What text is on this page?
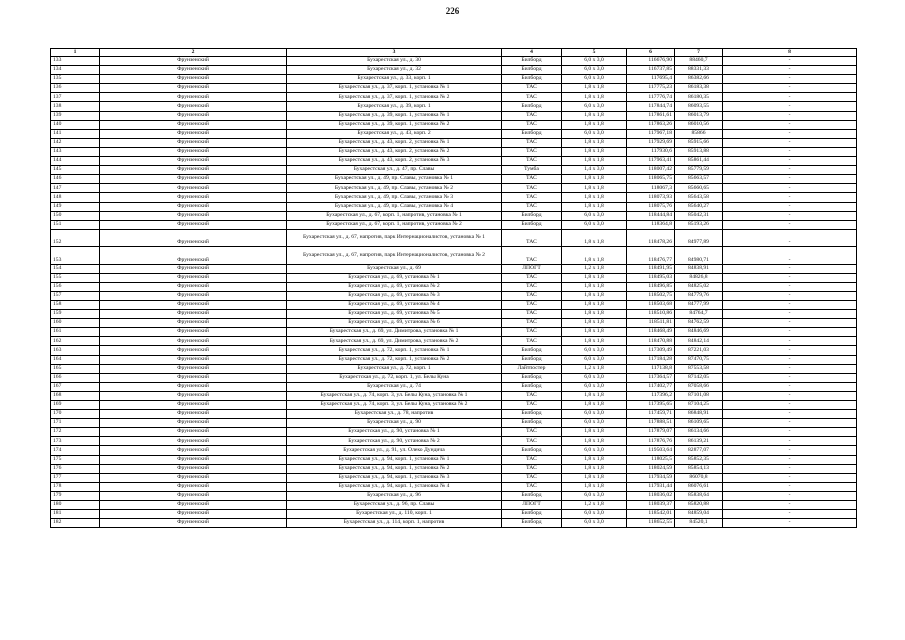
226
1	2	3	4	5	6	7	8
133	Фрунзенский	Бухарестская ул., д. 30	Билборд	6,0 x 3,0	116676,90	88460,7	-
134	Фрунзенский	Бухарестская ул., д. 32	Билборд	6,0 x 3,0	116737,85	88331,33	-
135	Фрунзенский	Бухарестская ул., д. 33, корп. 1	Билборд	6,0 x 3,0	117695,4	86382,66	-
136	Фрунзенский	Бухарестская ул., д. 37, корп. 1, установка № 1	ТАС	1,8 x 1,8	117775,23	86183,38	-
137	Фрунзенский	Бухарестская ул., д. 37, корп. 1, установка № 2	ТАС	1,8 x 1,8	117776,74	86180,35	-
138	Фрунзенский	Бухарестская ул., д. 39, корп. 1	Билборд	6,0 x 3,0	117844,74	86093,55	-
139	Фрунзенский	Бухарестская ул., д. 39, корп. 1, установка № 1	ТАС	1,8 x 1,8	117861,61	86013,79	-
140	Фрунзенский	Бухарестская ул., д. 39, корп. 1, установка № 2	ТАС	1,8 x 1,8	117863,26	86010,56	-
141	Фрунзенский	Бухарестская ул., д. 43, корп. 2	Билборд	6,0 x 3,0	117967,18	85866	-
142	Фрунзенский	Бухарестская ул., д. 43, корп. 2, установка № 1	ТАС	1,8 x 1,8	117929,69	85915,66	-
143	Фрунзенский	Бухарестская ул., д. 43, корп. 2, установка № 2	ТАС	1,8 x 1,8	117930,6	85913,88	-
144	Фрунзенский	Бухарестская ул., д. 43, корп. 2, установка № 3	ТАС	1,8 x 1,8	117963,41	85861,44	-
145	Фрунзенский	Бухарестская ул., д. 47, пр. Славы	Тумба	1,4 x 3,0	118007,42	85779,59	-
146	Фрунзенский	Бухарестская ул., д. 49, пр. Славы, установка № 1	ТАС	1,8 x 1,8	118065,75	85663,57	-
147	Фрунзенский	Бухарестская ул., д. 49, пр. Славы, установка № 2	ТАС	1,8 x 1,8	118067,3	85660,65	-
148	Фрунзенский	Бухарестская ул., д. 49, пр. Славы, установка № 3	ТАС	1,8 x 1,8	118073,93	85643,58	-
149	Фрунзенский	Бухарестская ул., д. 49, пр. Славы, установка № 4	ТАС	1,8 x 1,8	118075,76	85640,27	-
150	Фрунзенский	Бухарестская ул., д. 67, корп. 1, напротив, установка № 1	Билборд	6,0 x 3,0	118444,84	85042,31	-
151	Фрунзенский	Бухарестская ул., д. 67, корп. 1, напротив, установка № 2	Билборд	6,0 x 3,0	118364,8	85193,26	-
152	Фрунзенский	Бухарестская ул., д. 67, напротив, парк Интернационалистов, установка № 1	ТАС	1,8 x 1,8	118478,26	84977,89	-
153	Фрунзенский	Бухарестская ул., д. 67, напротив, парк Интернационалистов, установка № 2	ТАС	1,8 x 1,8	118476,77	84980,71	-
154	Фрунзенский	Бухарестская ул., д. 69	ЛПОГТ	1,2 x 1,8	118491,95	84838,91	-
155	Фрунзенский	Бухарестская ул., д. 69, установка № 1	ТАС	1,8 x 1,8	118495,03	84826,8	-
156	Фрунзенский	Бухарестская ул., д. 69, установка № 2	ТАС	1,8 x 1,8	118496,85	84825,02	-
157	Фрунзенский	Бухарестская ул., д. 69, установка № 3	ТАС	1,8 x 1,8	118502,75	84779,76	-
158	Фрунзенский	Бухарестская ул., д. 69, установка № 4	ТАС	1,8 x 1,8	118503,68	84777,99	-
159	Фрунзенский	Бухарестская ул., д. 69, установка № 5	ТАС	1,8 x 1,8	118510,86	84764,7	-
160	Фрунзенский	Бухарестская ул., д. 69, установка № 6	ТАС	1,8 x 1,8	118511,81	84762,59	-
161	Фрунзенский	Бухарестская ул., д. 69, ул. Димитрова, установка № 1	ТАС	1,8 x 1,8	118468,49	84846,69	-
162	Фрунзенский	Бухарестская ул., д. 69, ул. Димитрова, установка № 2	ТАС	1,8 x 1,8	118470,88	84842,14	-
163	Фрунзенский	Бухарестская ул., д. 72, корп. 1, установка № 1	Билборд	6,0 x 3,0	117309,49	87221,03	-
164	Фрунзенский	Бухарестская ул., д. 72, корп. 1, установка № 2	Билборд	6,0 x 3,0	117184,28	87470,75	-
165	Фрунзенский	Бухарестская ул., д. 72, корп. 1	Лайтпостер	1,2 x 1,8	117138,8	87553,58	-
166	Фрунзенский	Бухарестская ул., д. 72, корп. 1, ул. Белы Куна	Билборд	6,0 x 3,0	117364,57	87142,05	-
167	Фрунзенский	Бухарестская ул., д. 74	Билборд	6,0 x 3,0	117402,77	87058,66	-
168	Фрунзенский	Бухарестская ул., д. 74, корп. 3, ул. Белы Куна, установка № 1	ТАС	1,8 x 1,8	117396,2	87101,08	-
169	Фрунзенский	Бухарестская ул., д. 74, корп. 3, ул. Белы Куна, установка № 2	ТАС	1,8 x 1,8	117395,65	87104,25	-
170	Фрунзенский	Бухарестская ул., д. 78, напротив	Билборд	6,0 x 3,0	117459,71	86848,91	-
171	Фрунзенский	Бухарестская ул., д. 90	Билборд	6,0 x 3,0	117888,51	86109,65	-
172	Фрунзенский	Бухарестская ул., д. 90, установка № 1	ТАС	1,8 x 1,8	117879,07	86134,66	-
173	Фрунзенский	Бухарестская ул., д. 90, установка № 2	ТАС	1,8 x 1,8	117876,76	86139,21	-
174	Фрунзенский	Бухарестская ул., д. 91, ул. Олеко Дундича	Билборд	6,0 x 3,0	119503,64	82877,07	-
175	Фрунзенский	Бухарестская ул., д. 94, корп. 1, установка № 1	ТАС	1,8 x 1,8	118025,5	85852,35	-
176	Фрунзенский	Бухарестская ул., д. 94, корп. 1, установка № 2	ТАС	1,8 x 1,8	118024,59	85854,13	-
177	Фрунзенский	Бухарестская ул., д. 94, корп. 1, установка № 3	ТАС	1,8 x 1,8	117934,59	86070,8	-
178	Фрунзенский	Бухарестская ул., д. 94, корп. 1, установка № 4	ТАС	1,8 x 1,8	117931,44	86076,61	-
179	Фрунзенский	Бухарестская ул., д. 96	Билборд	6,0 x 3,0	118036,02	85838,64	-
180	Фрунзенский	Бухарестская ул., д. 96, пр. Славы	ЛПОГТ	1,2 x 1,8	118039,37	85820,88	-
181	Фрунзенский	Бухарестская ул., д. 110, корп. 1	Билборд	6,0 x 3,0	118542,01	84859,04	-
182	Фрунзенский	Бухарестская ул., д. 114, корп. 1, напротив	Билборд	6,0 x 3,0	118652,55	84520,1	-
